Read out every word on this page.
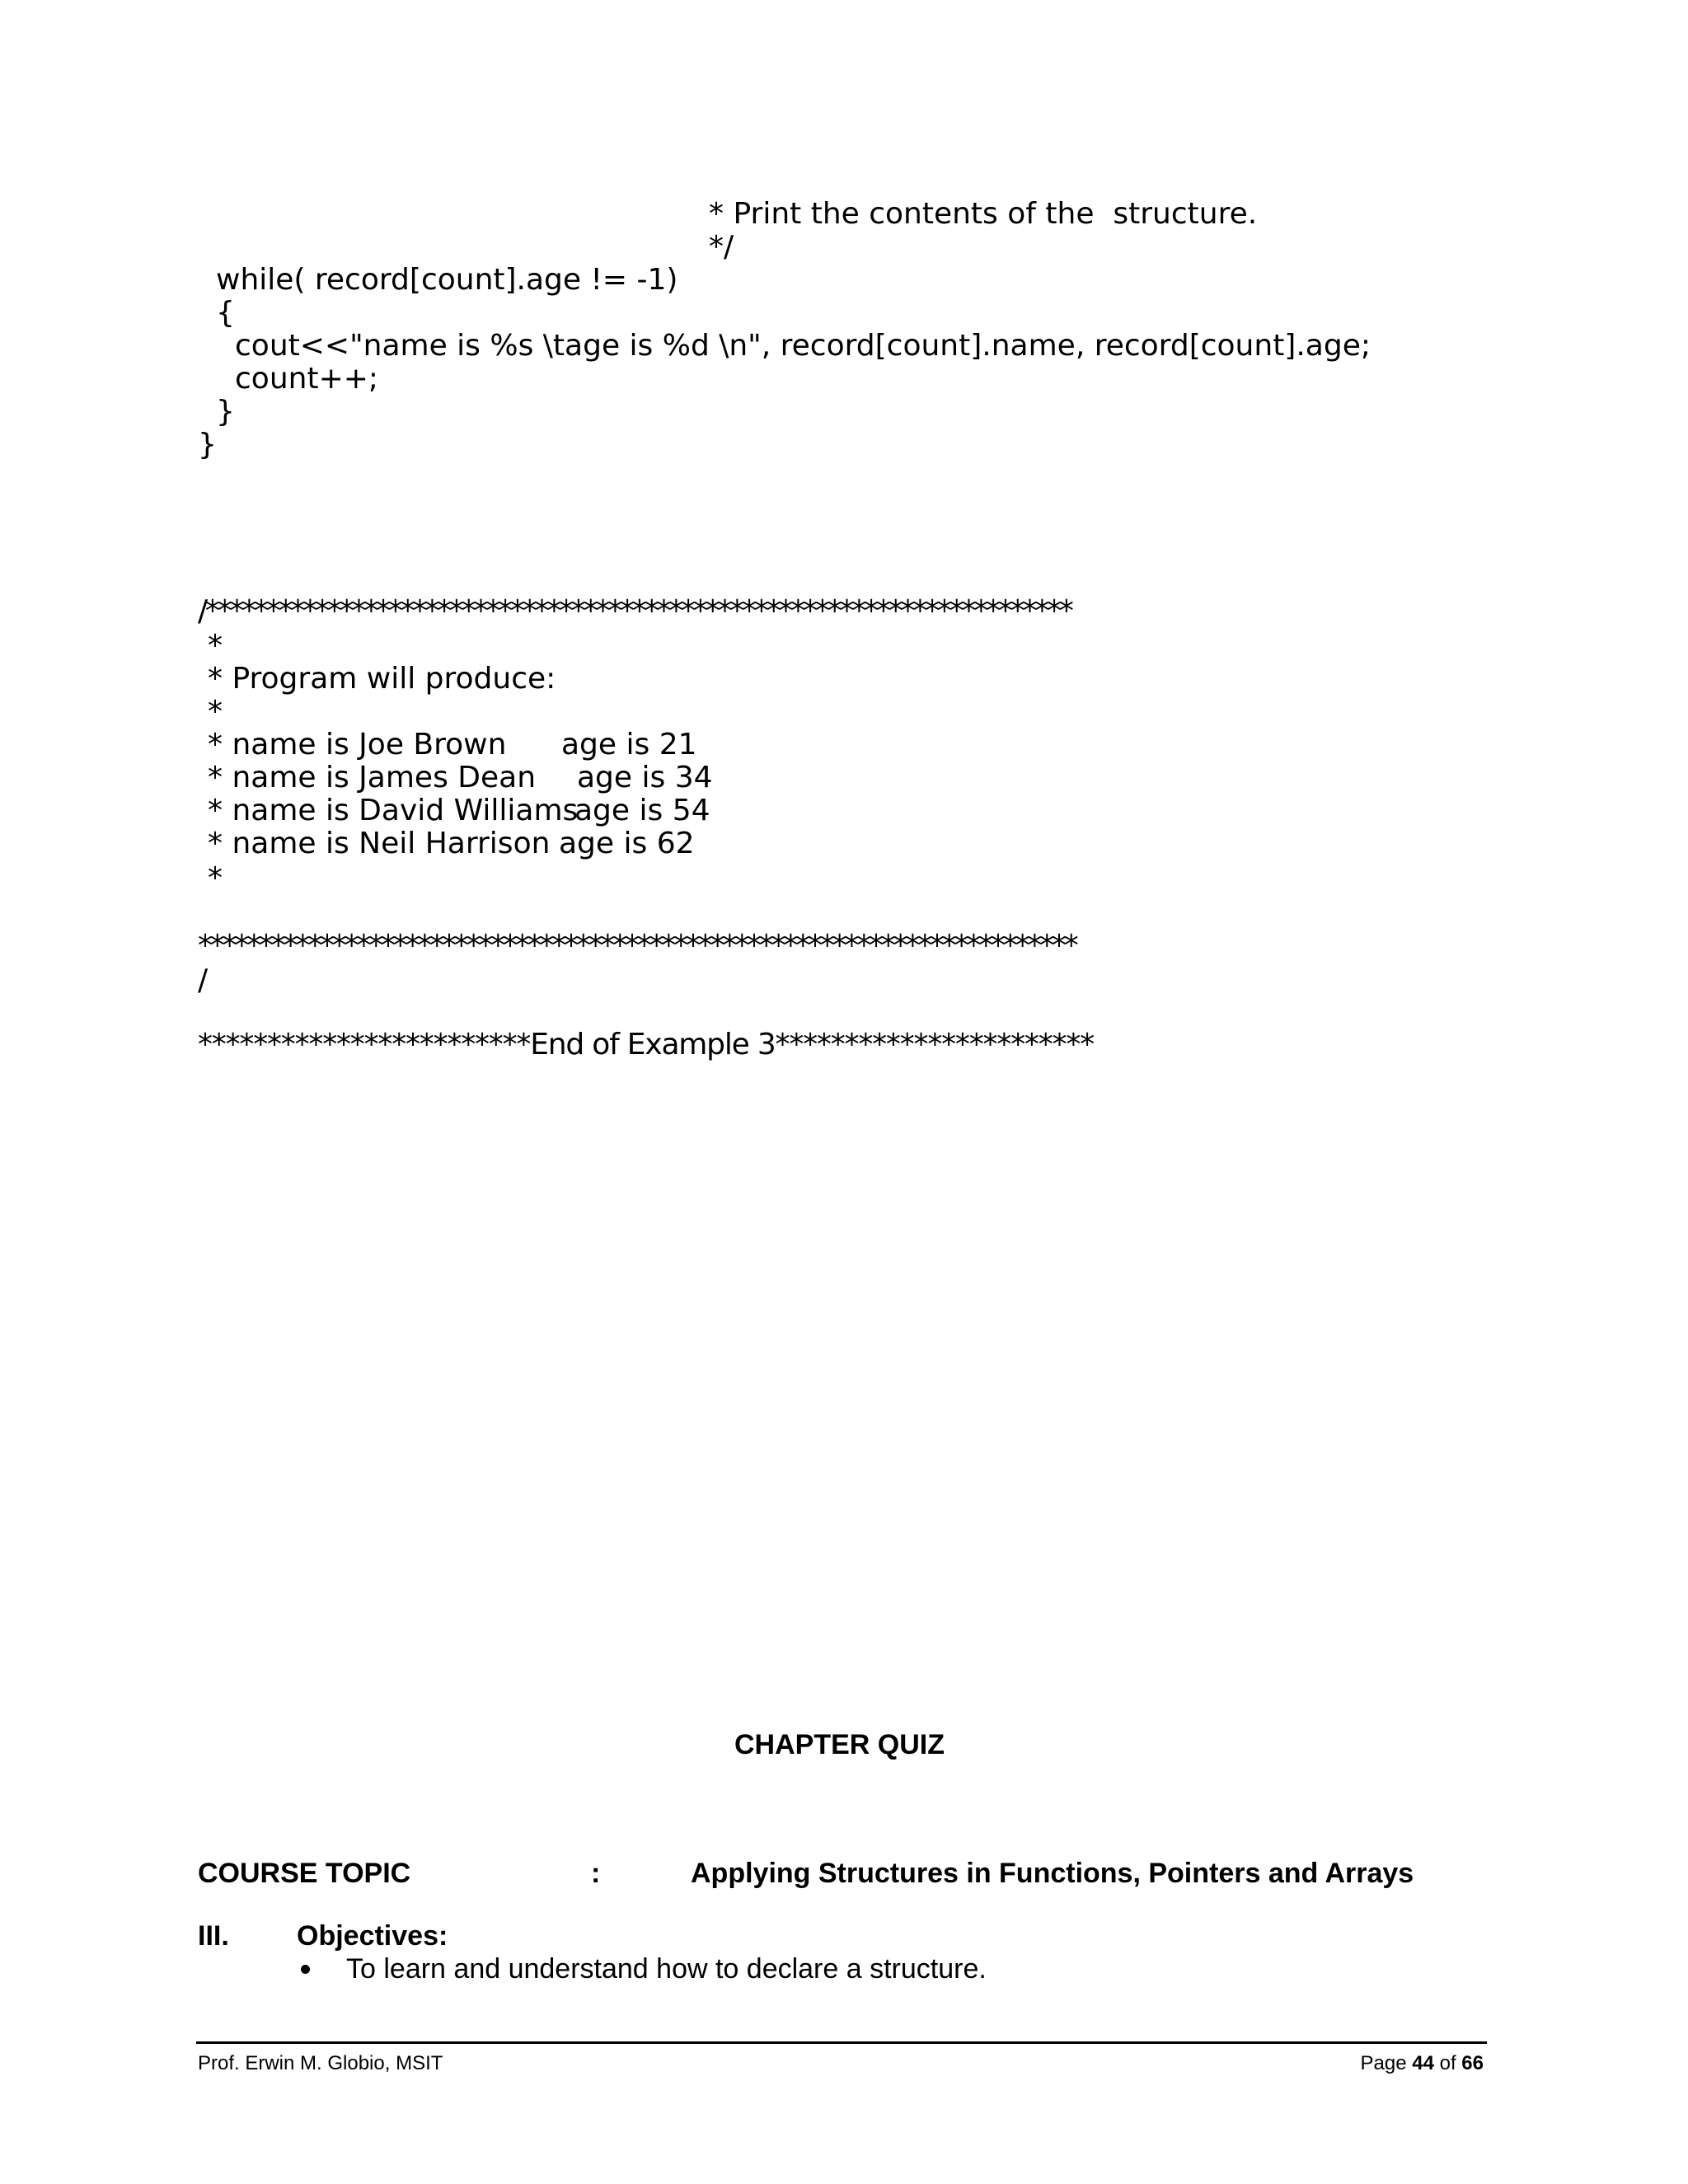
* Print the contents of the  structure.
*/
while( record[count].age != -1)
{
cout<<"name is %s \tage is %d \n", record[count].name, record[count].age;
count++;
}
}
/***********************************************************************
*
* Program will produce:
*
* name is Joe Brown age is 21
* name is James Dean age is 34
* name is David Williams
age is 54
* name is Neil Harrison age is 62
*
************************************************************************
/
************************End of Example 3***********************
CHAPTER QUIZ
COURSE TOPIC	:	Applying Structures in Functions, Pointers and Arrays
III. Objectives:
To learn and understand how to declare a structure.
Prof. Erwin M. Globio, MSIT	Page 44 of 66
